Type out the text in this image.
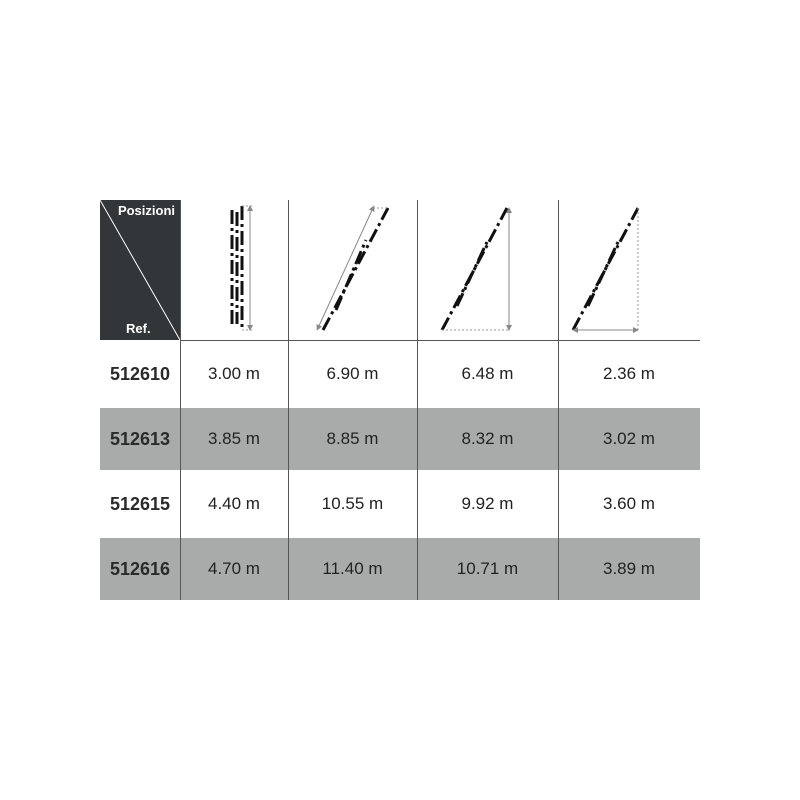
512610	3.00 m	6.90 m	6.48 m	2.36 m
512613	3.85 m	8.85 m	8.32 m	3.02 m
512615	4.40 m	10.55 m	9.92 m	3.60 m
512616	4.70 m	11.40 m	10.71 m	3.89 m
Posizioni
Ref.
